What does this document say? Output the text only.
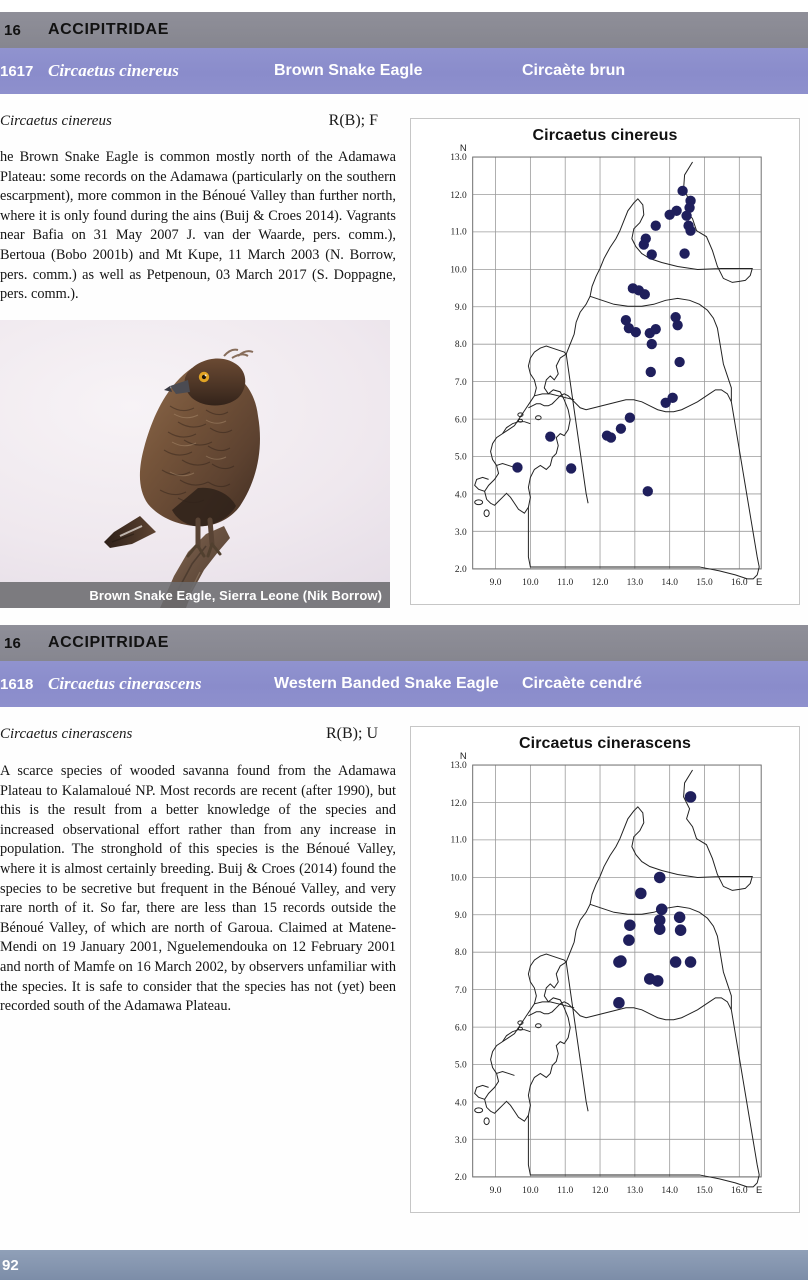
16	ACCIPITRIDAE
1617 Circaetus cinereus	Brown Snake Eagle	Circaète brun
Circaetus cinereus	R(B); F

he Brown Snake Eagle is common mostly north of the Adamawa Plateau: some records on the Adamawa (particularly on the southern escarpment), more common in the Bénoué Valley than further north, where it is only found during the ains (Buij & Croes 2014). Vagrants near Bafia on 31 May 2007 J. van der Waarde, pers. comm.), Bertoua (Bobo 2001b) and Mt Kupe, 11 March 2003 (N. Borrow, pers. comm.) as well as Petpenoun, 03 March 2017 (S. Doppagne, pers. comm.).

Brown Snake Eagle, Sierra Leone (Nik Borrow)
Circaetus cinereus
N
13.0
12.0
11.0
10.0
9.0
8.0
7.0
6.0
5.0
4.0
3.0
2.0
9.0 10.0 11.0 12.0 13.0 14.0 15.0 16.0 E
16	ACCIPITRIDAE
1618 Circaetus cinerascens	Western Banded Snake Eagle	Circaète cendré
Circaetus cinerascens	R(B); U

A scarce species of wooded savanna found from the Adamawa Plateau to Kalamaloué NP. Most records are recent (after 1990), but this is the result from a better knowledge of the species and increased observational effort rather than from any increase in population. The stronghold of this species is the Bénoué Valley, where it is almost certainly breeding. Buij & Croes (2014) found the species to be secretive but frequent in the Bénoué Valley, and very rare north of it. So far, there are less than 15 records outside the Bénoué Valley, of which are north of Garoua. Claimed at Matene-Mendi on 19 January 2001, Nguelemendouka on 12 February 2001 and north of Mamfe on 16 March 2002, by observers unfamiliar with the species. It is safe to consider that the species has not (yet) been recorded south of the Adamawa Plateau.

Circaetus cinerascens
N
13.0
12.0
11.0
10.0
9.0
8.0
7.0
6.0
5.0
4.0
3.0
2.0
9.0 10.0 11.0 12.0 13.0 14.0 15.0 16.0 E
92
